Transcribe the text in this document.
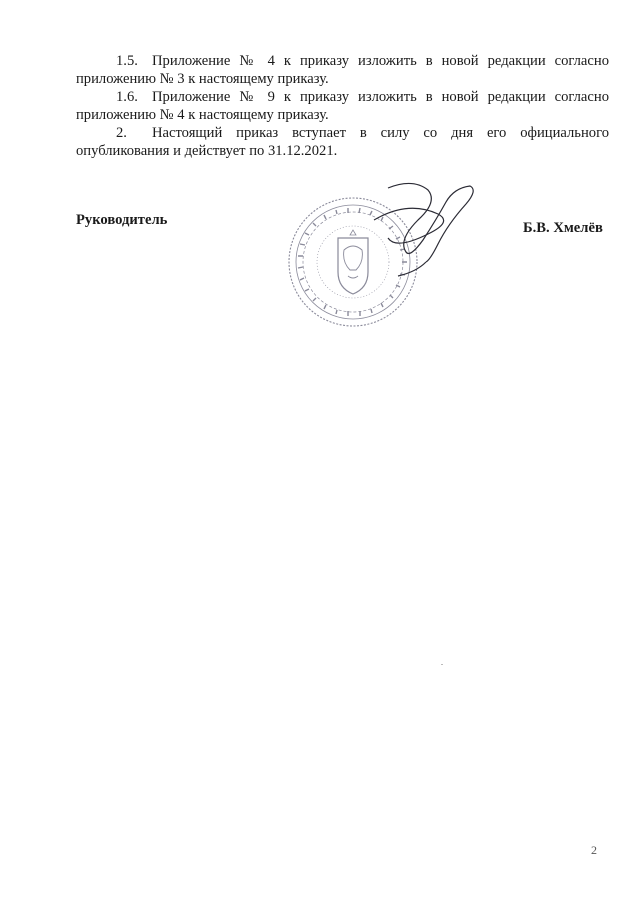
1.5. Приложение № 4 к приказу изложить в новой редакции согласно
приложению № 3 к настоящему приказу.
1.6. Приложение № 9 к приказу изложить в новой редакции согласно
приложению № 4 к настоящему приказу.
2. Настоящий приказ вступает в силу со дня его официального
опубликования и действует по 31.12.2021.
Руководитель	Б.В. Хмелёв
2
